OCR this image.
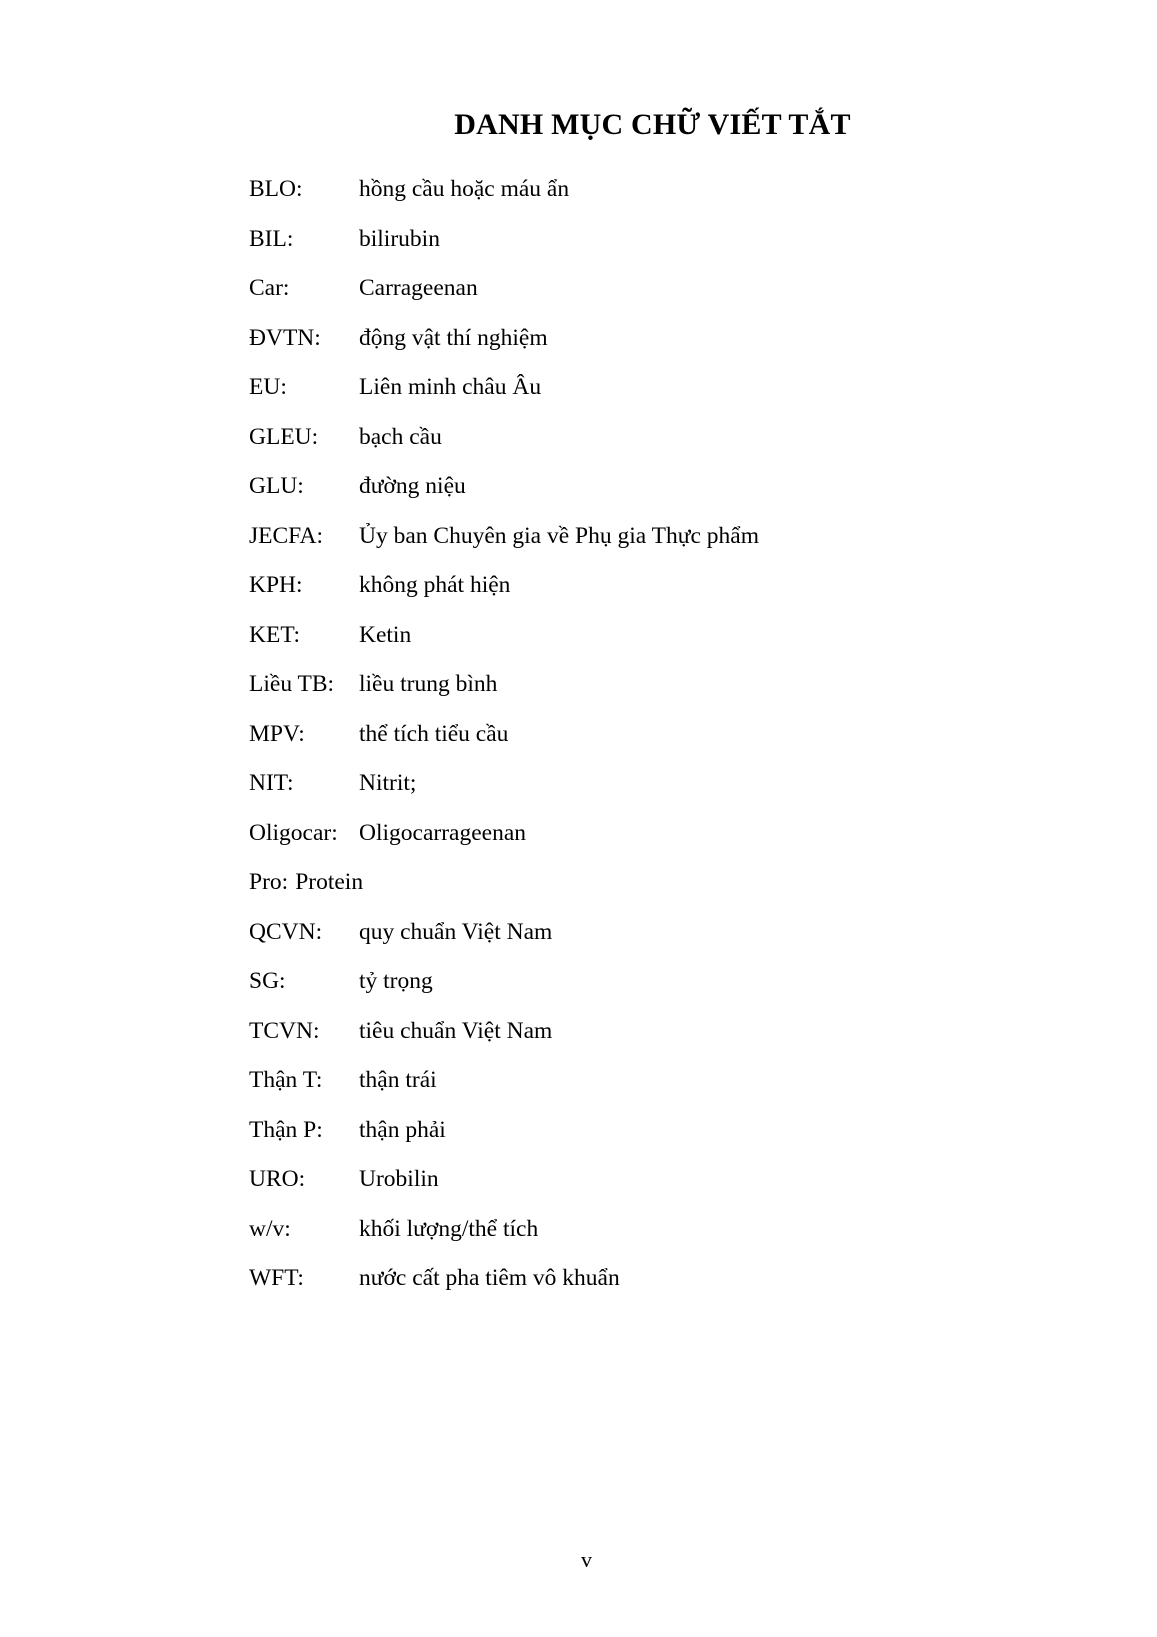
DANH MỤC CHỮ VIẾT TẮT
BLO: hồng cầu hoặc máu ẩn
BIL:	bilirubin
Car:	Carrageenan
ĐVTN: động vật thí nghiệm
EU:	Liên minh châu Âu
GLEU: bạch cầu
GLU: đường niệu
JECFA: Ủy ban Chuyên gia về Phụ gia Thực phẩm
KPH: không phát hiện
KET:	Ketin
Liều TB: liều trung bình
MPV: thể tích tiểu cầu
NIT:	Nitrit;
Oligocar: Oligocarrageenan
Pro: Protein
QCVN: quy chuẩn Việt Nam
SG:	tỷ trọng
TCVN: tiêu chuẩn Việt Nam
Thận T: thận trái
Thận P: thận phải
URO: Urobilin
w/v:	khối lượng/thể tích
WFT: nước cất pha tiêm vô khuẩn
v
